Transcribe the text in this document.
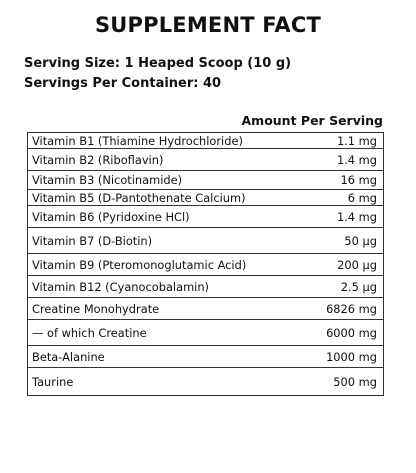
SUPPLEMENT FACT
Serving Size: 1 Heaped Scoop (10 g)
Servings Per Container: 40
Amount Per Serving
Vitamin B1 (Thiamine Hydrochloride)	1.1 mg
Vitamin B2 (Riboflavin)	1.4 mg
Vitamin B3 (Nicotinamide)	16 mg
Vitamin B5 (D-Pantothenate Calcium)	6 mg
Vitamin B6 (Pyridoxine HCl)	1.4 mg
Vitamin B7 (D-Biotin)	50 µg
Vitamin B9 (Pteromonoglutamic Acid)	200 µg
Vitamin B12 (Cyanocobalamin)	2.5 µg
Creatine Monohydrate	6826 mg
— of which Creatine	6000 mg
Beta-Alanine	1000 mg
Taurine	500 mg
